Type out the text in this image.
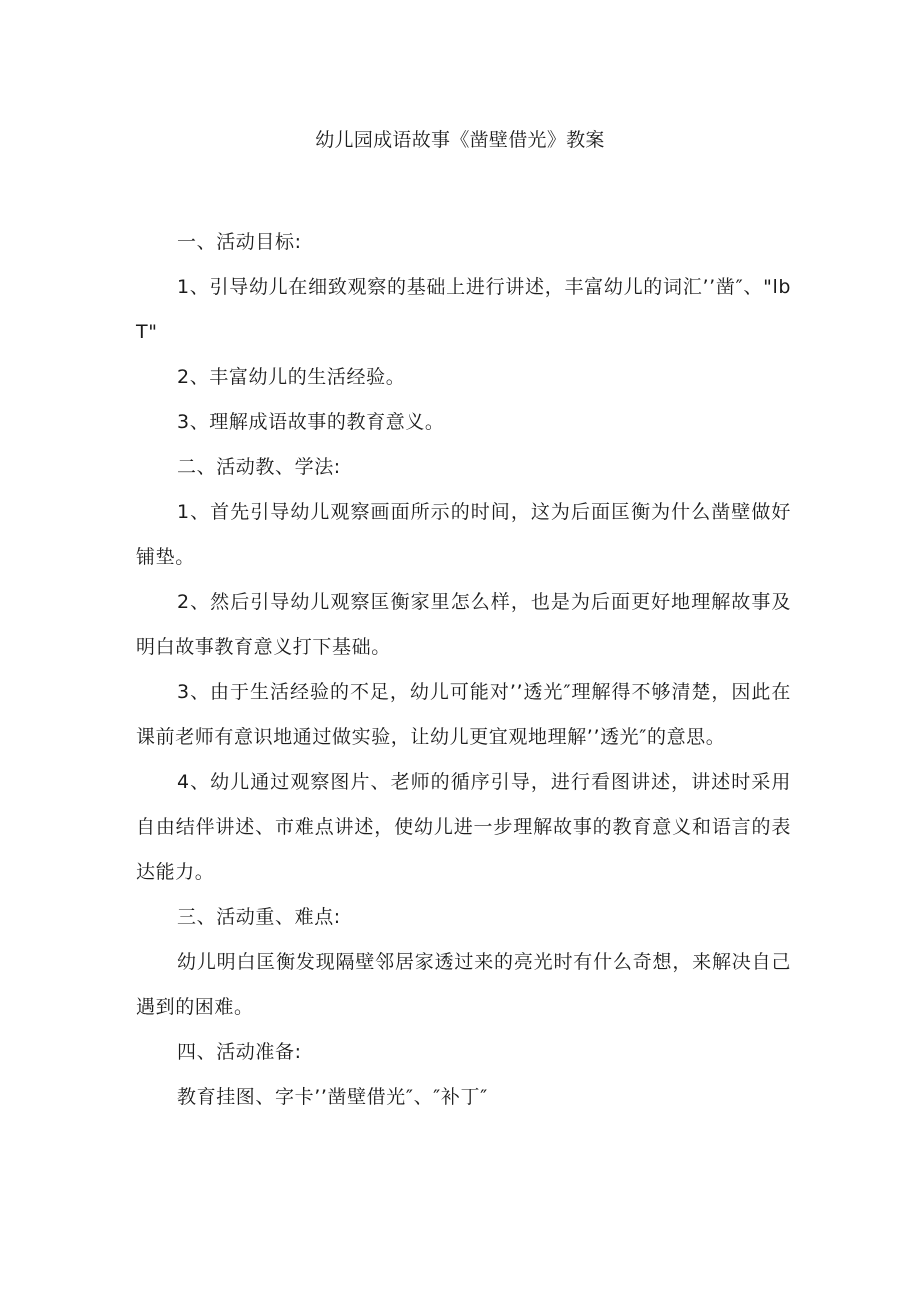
幼儿园成语故事《凿壁借光》教案
一、活动目标:
1、引导幼儿在细致观察的基础上进行讲述，丰富幼儿的词汇’’凿″、"lbT"
2、丰富幼儿的生活经验。
3、理解成语故事的教育意义。
二、活动教、学法:
1、首先引导幼儿观察画面所示的时间，这为后面匡衡为什么凿壁做好铺垫。
2、然后引导幼儿观察匡衡家里怎么样，也是为后面更好地理解故事及明白故事教育意义打下基础。
3、由于生活经验的不足，幼儿可能对’’透光″理解得不够清楚，因此在课前老师有意识地通过做实验，让幼儿更宜观地理解’’透光″的意思。
4、幼儿通过观察图片、老师的循序引导，进行看图讲述，讲述时采用自由结伴讲述、市难点讲述，使幼儿进一步理解故事的教育意义和语言的表达能力。
三、活动重、难点:
幼儿明白匡衡发现隔壁邻居家透过来的亮光时有什么奇想，来解决自己遇到的困难。
四、活动准备:
教育挂图、字卡’’凿壁借光″、″补丁″
